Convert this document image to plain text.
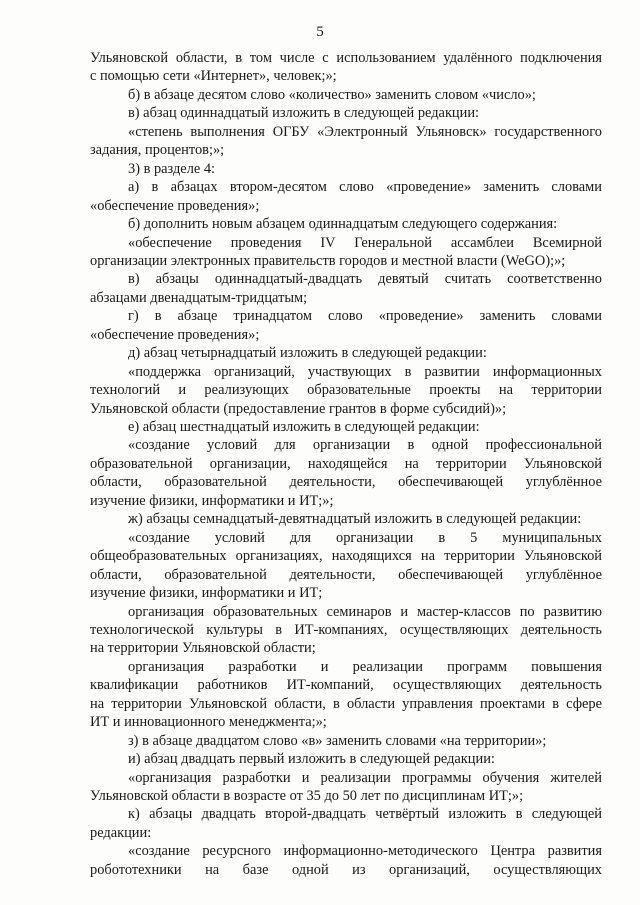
5
Ульяновской области, в том числе с использованием удалённого подключения
с помощью сети «Интернет», человек;»;
б) в абзаце десятом слово «количество» заменить словом «число»;
в) абзац одиннадцатый изложить в следующей редакции:
«степень выполнения ОГБУ «Электронный Ульяновск» государственного
задания, процентов;»;
3) в разделе 4:
а) в абзацах втором-десятом слово «проведение» заменить словами
«обеспечение проведения»;
б) дополнить новым абзацем одиннадцатым следующего содержания:
«обеспечение проведения IV Генеральной ассамблеи Всемирной
организации электронных правительств городов и местной власти (WeGO);»;
в) абзацы одиннадцатый-двадцать девятый считать соответственно
абзацами двенадцатым-тридцатым;
г) в абзаце тринадцатом слово «проведение» заменить словами
«обеспечение проведения»;
д) абзац четырнадцатый изложить в следующей редакции:
«поддержка организаций, участвующих в развитии информационных
технологий и реализующих образовательные проекты на территории
Ульяновской области (предоставление грантов в форме субсидий)»;
е) абзац шестнадцатый изложить в следующей редакции:
«создание условий для организации в одной профессиональной
образовательной организации, находящейся на территории Ульяновской
области, образовательной деятельности, обеспечивающей углублённое
изучение физики, информатики и ИТ;»;
ж) абзацы семнадцатый-девятнадцатый изложить в следующей редакции:
«создание условий для организации в 5 муниципальных
общеобразовательных организациях, находящихся на территории Ульяновской
области, образовательной деятельности, обеспечивающей углублённое
изучение физики, информатики и ИТ;
организация образовательных семинаров и мастер-классов по развитию
технологической культуры в ИТ-компаниях, осуществляющих деятельность
на территории Ульяновской области;
организация разработки и реализации программ повышения
квалификации работников ИТ-компаний, осуществляющих деятельность
на территории Ульяновской области, в области управления проектами в сфере
ИТ и инновационного менеджмента;»;
з) в абзаце двадцатом слово «в» заменить словами «на территории»;
и) абзац двадцать первый изложить в следующей редакции:
«организация разработки и реализации программы обучения жителей
Ульяновской области в возрасте от 35 до 50 лет по дисциплинам ИТ;»;
к) абзацы двадцать второй-двадцать четвёртый изложить в следующей
редакции:
«создание ресурсного информационно-методического Центра развития
робототехники на базе одной из организаций, осуществляющих
